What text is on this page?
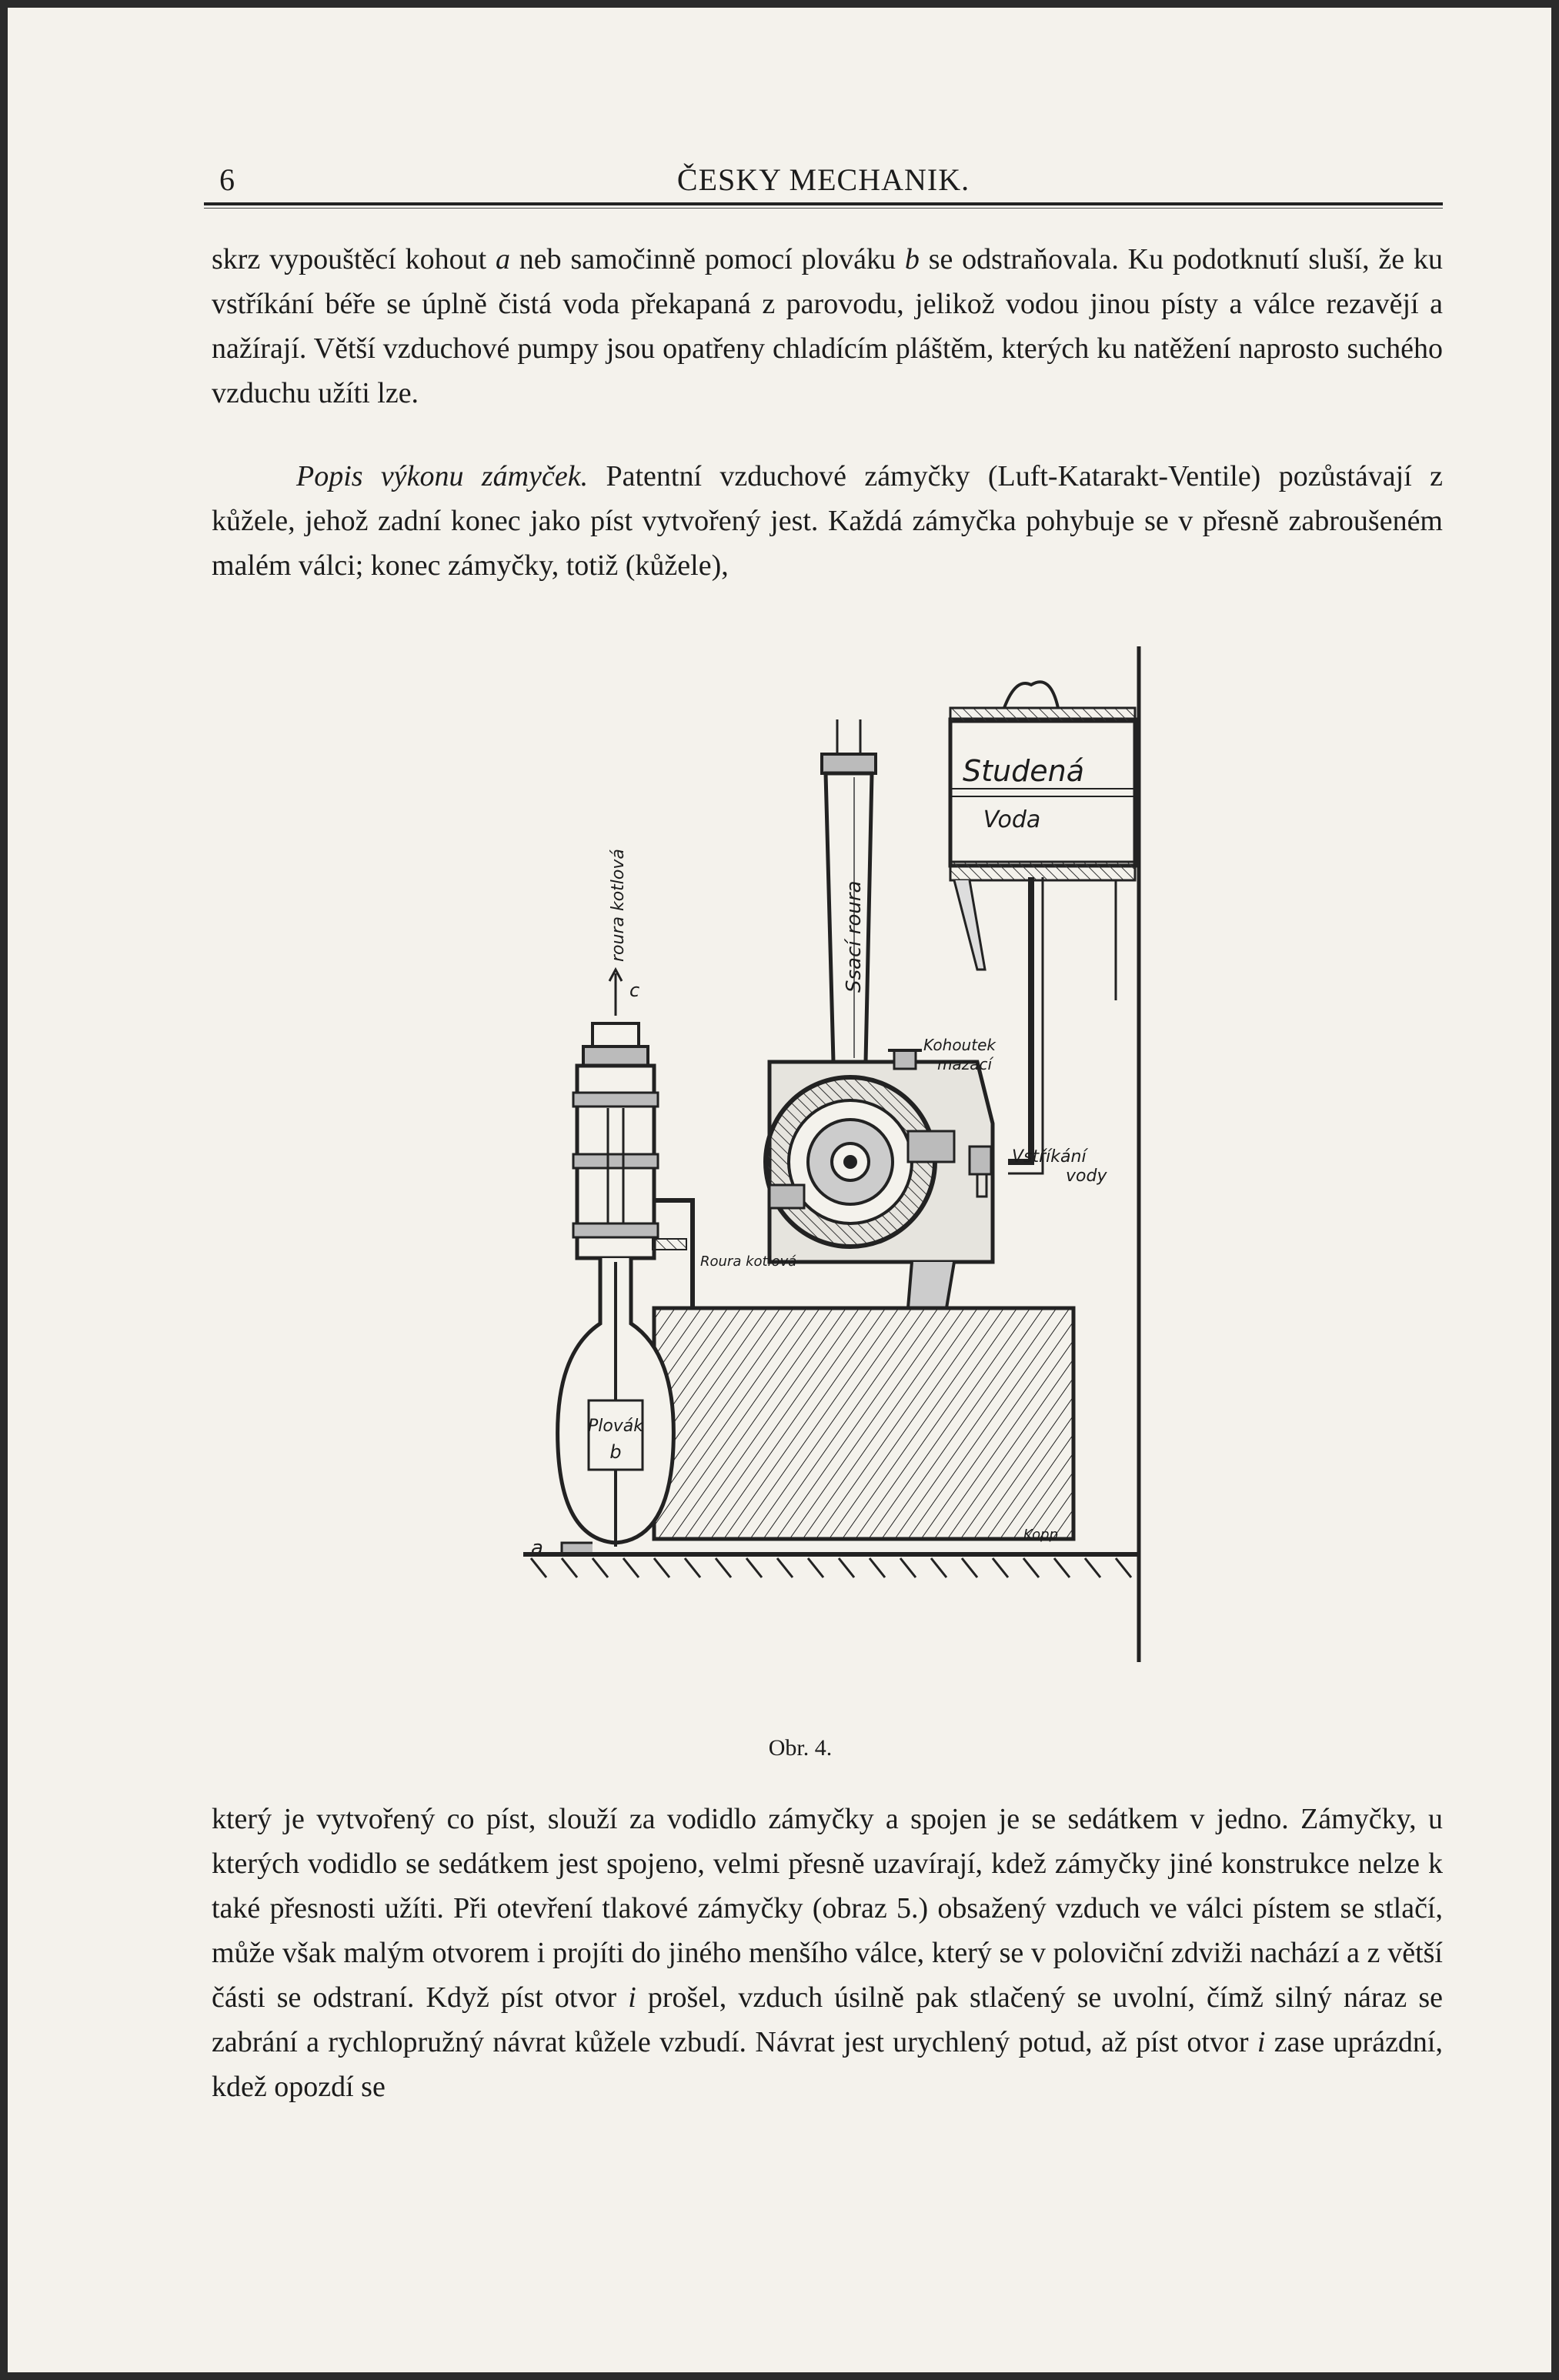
6	ČESKY MECHANIK.
skrz vypouštěcí kohout a neb samočinně pomocí plováku b se odstraňovala. Ku podotknutí sluší, že ku vstříkání béře se úplně čistá voda překapaná z parovodu, jelikož vodou jinou písty a válce rezavějí a nažírají. Větší vzduchové pumpy jsou opatřeny chladícím pláštěm, kterých ku natěžení naprosto suchého vzduchu užíti lze.
Popis výkonu zámyček. Patentní vzduchové zámyčky (Luft-Katarakt-Ventile) pozůstávají z kůžele, jehož zadní konec jako píst vytvořený jest. Každá zámyčka pohybuje se v přesně zabroušeném malém válci; konec zámyčky, totiž (kůžele),
Studená
Voda
Ssací roura
Kohoutek
mazací
Vstříkání
vody
Plovák
b
Roura kotlová
a
c
roura kotlová
Kopp
Obr. 4.
který je vytvořený co píst, slouží za vodidlo zámyčky a spojen je se sedátkem v jedno. Zámyčky, u kterých vodidlo se sedátkem jest spojeno, velmi přesně uzavírají, kdež zámyčky jiné konstrukce nelze k také přesnosti užíti. Při otevření tlakové zámyčky (obraz 5.) obsažený vzduch ve válci pístem se stlačí, může však malým otvorem i projíti do jiného menšího válce, který se v poloviční zdviži nachází a z větší části se odstraní. Když píst otvor i prošel, vzduch úsilně pak stlačený se uvolní, čímž silný náraz se zabrání a rychlopružný návrat kůžele vzbudí. Návrat jest urychlený potud, až píst otvor i zase uprázdní, kdež opozdí se
